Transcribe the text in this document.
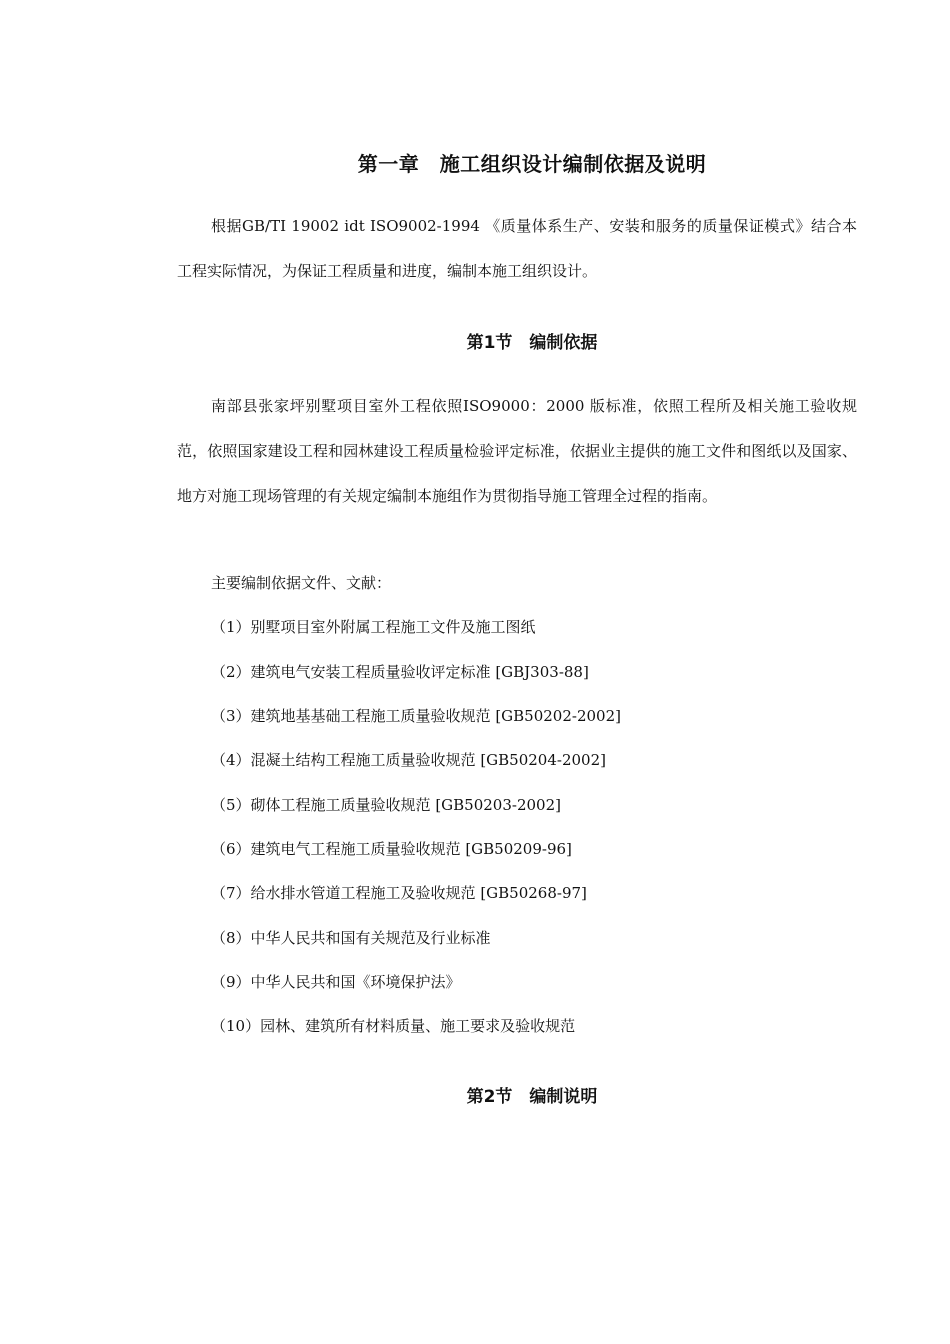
第一章　施工组织设计编制依据及说明

根据GB/TI 19002 idt ISO9002-1994 《质量体系生产、安装和服务的质量保证模式》结合本工程实际情况，为保证工程质量和进度，编制本施工组织设计。

第1节　编制依据

南部县张家坪别墅项目室外工程依照ISO9000：2000 版标准，依照工程所及相关施工验收规范，依照国家建设工程和园林建设工程质量检验评定标准，依据业主提供的施工文件和图纸以及国家、地方对施工现场管理的有关规定编制本施组作为贯彻指导施工管理全过程的指南。

主要编制依据文件、文献：
（1）别墅项目室外附属工程施工文件及施工图纸
（2）建筑电气安装工程质量验收评定标准 [GBJ303-88]
（3）建筑地基基础工程施工质量验收规范 [GB50202-2002]
（4）混凝土结构工程施工质量验收规范 [GB50204-2002]
（5）砌体工程施工质量验收规范 [GB50203-2002]
（6）建筑电气工程施工质量验收规范 [GB50209-96]
（7）给水排水管道工程施工及验收规范 [GB50268-97]
（8）中华人民共和国有关规范及行业标准
（9）中华人民共和国《环境保护法》
（10）园林、建筑所有材料质量、施工要求及验收规范
第2节　编制说明
